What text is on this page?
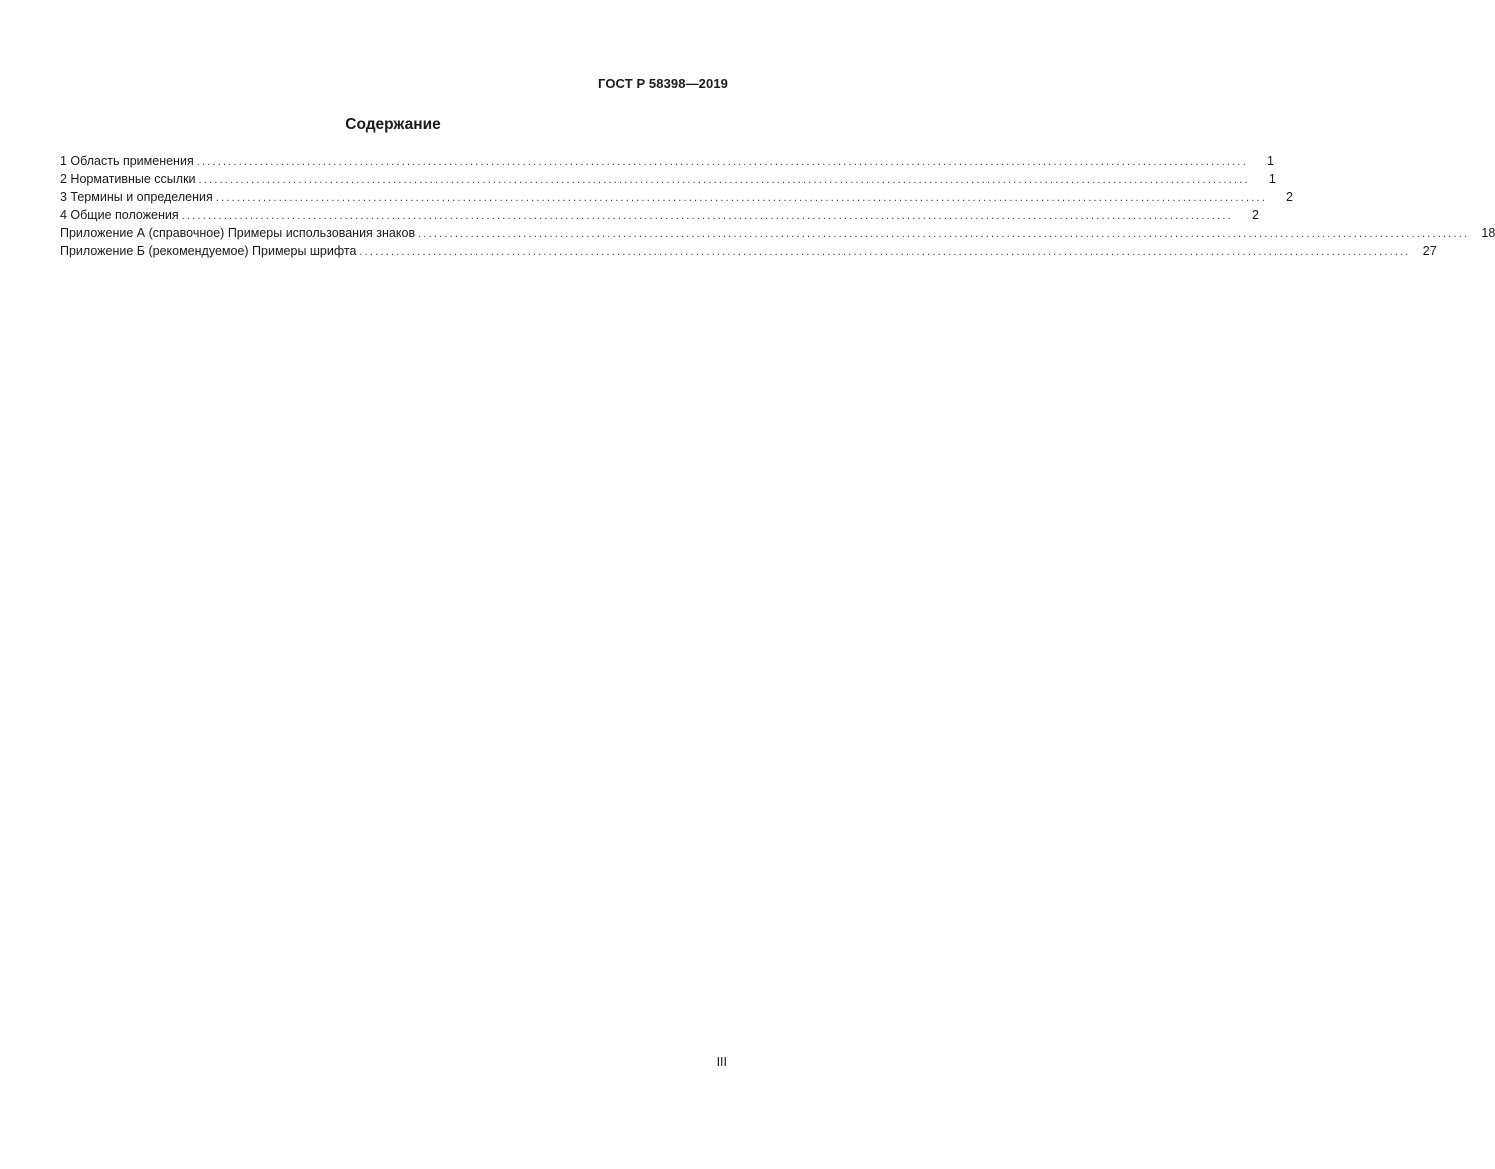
ГОСТ Р 58398—2019
Содержание
1 Область применения ........................................................................................................................................................................................................	1
2 Нормативные ссылки ........................................................................................................................................................................................................	1
3 Термины и определения ........................................................................................................................................................................................................	2
4 Общие положения ........................................................................................................................................................................................................	2
Приложение А (справочное) Примеры использования знаков ........................................................................................................................................................................................................ 18
Приложение Б (рекомендуемое) Примеры шрифта ........................................................................................................................................................................................................ 27
III
